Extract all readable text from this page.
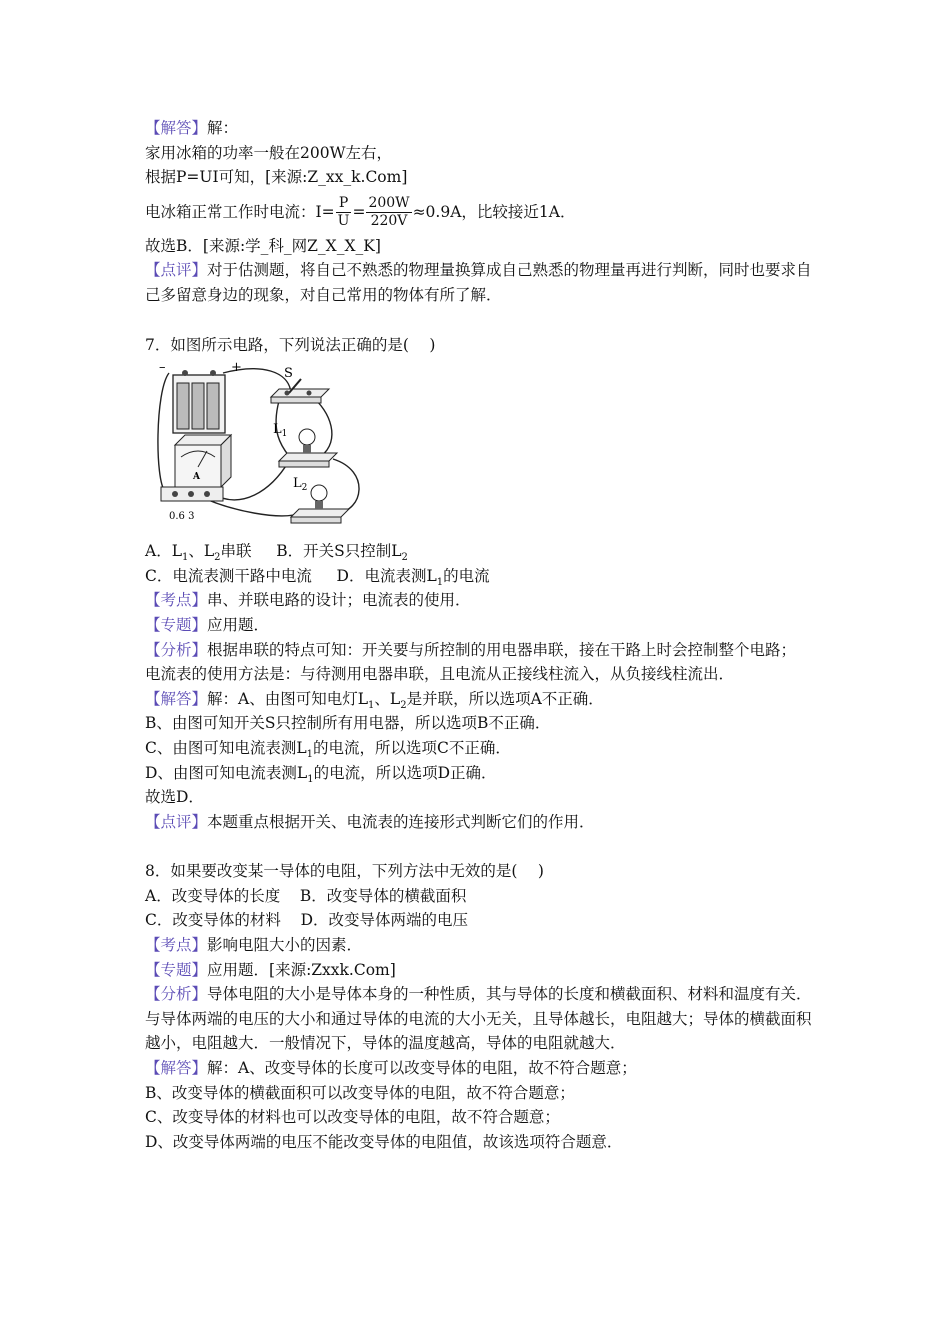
【解答】解：
家用冰箱的功率一般在200W左右，
根据P=UI可知，[来源:Z_xx_k.Com]
电冰箱正常工作时电流：$I= \frac{P}{U} = \frac{200W}{220V} \approx 0.9A$，比较接近1A．
故选B．[来源:学_科_网Z_X_X_K]
【点评】对于估测题，将自己不熟悉的物理量换算成自己熟悉的物理量再进行判断，同时也要求自己多留意身边的现象，对自己常用的物体有所了解．
7．如图所示电路，下列说法正确的是(　 )
–	+	S
$L_1$
$L_2$
A
0.6 3
A．$L_1$、$L_2$串联 B．开关S只控制$L_2$
C．电流表测干路中电流 D．电流表测$L_1$的电流
【考点】串、并联电路的设计；电流表的使用．
【专题】应用题．
【分析】根据串联的特点可知：开关要与所控制的用电器串联，接在干路上时会控制整个电路；
电流表的使用方法是：与待测用电器串联，且电流从正接线柱流入，从负接线柱流出．
【解答】解：A、由图可知电灯$L_1$、$L_2$是并联，所以选项A不正确．
B、由图可知开关S只控制所有用电器，所以选项B不正确．
C、由图可知电流表测$L_1$的电流，所以选项C不正确．
D、由图可知电流表测$L_1$的电流，所以选项D正确．
故选D．
【点评】本题重点根据开关、电流表的连接形式判断它们的作用．
8．如果要改变某一导体的电阻，下列方法中无效的是(　 )
A．改变导体的长度 B．改变导体的横截面积
C．改变导体的材料 D．改变导体两端的电压
【考点】影响电阻大小的因素．
【专题】应用题．[来源:Zxxk.Com]
【分析】导体电阻的大小是导体本身的一种性质，其与导体的长度和横截面积、材料和温度有关．与导体两端的电压的大小和通过导体的电流的大小无关，且导体越长，电阻越大；导体的横截面积越小，电阻越大．一般情况下，导体的温度越高，导体的电阻就越大．
【解答】解：A、改变导体的长度可以改变导体的电阻，故不符合题意；
B、改变导体的横截面积可以改变导体的电阻，故不符合题意；
C、改变导体的材料也可以改变导体的电阻，故不符合题意；
D、改变导体两端的电压不能改变导体的电阻值，故该选项符合题意．
